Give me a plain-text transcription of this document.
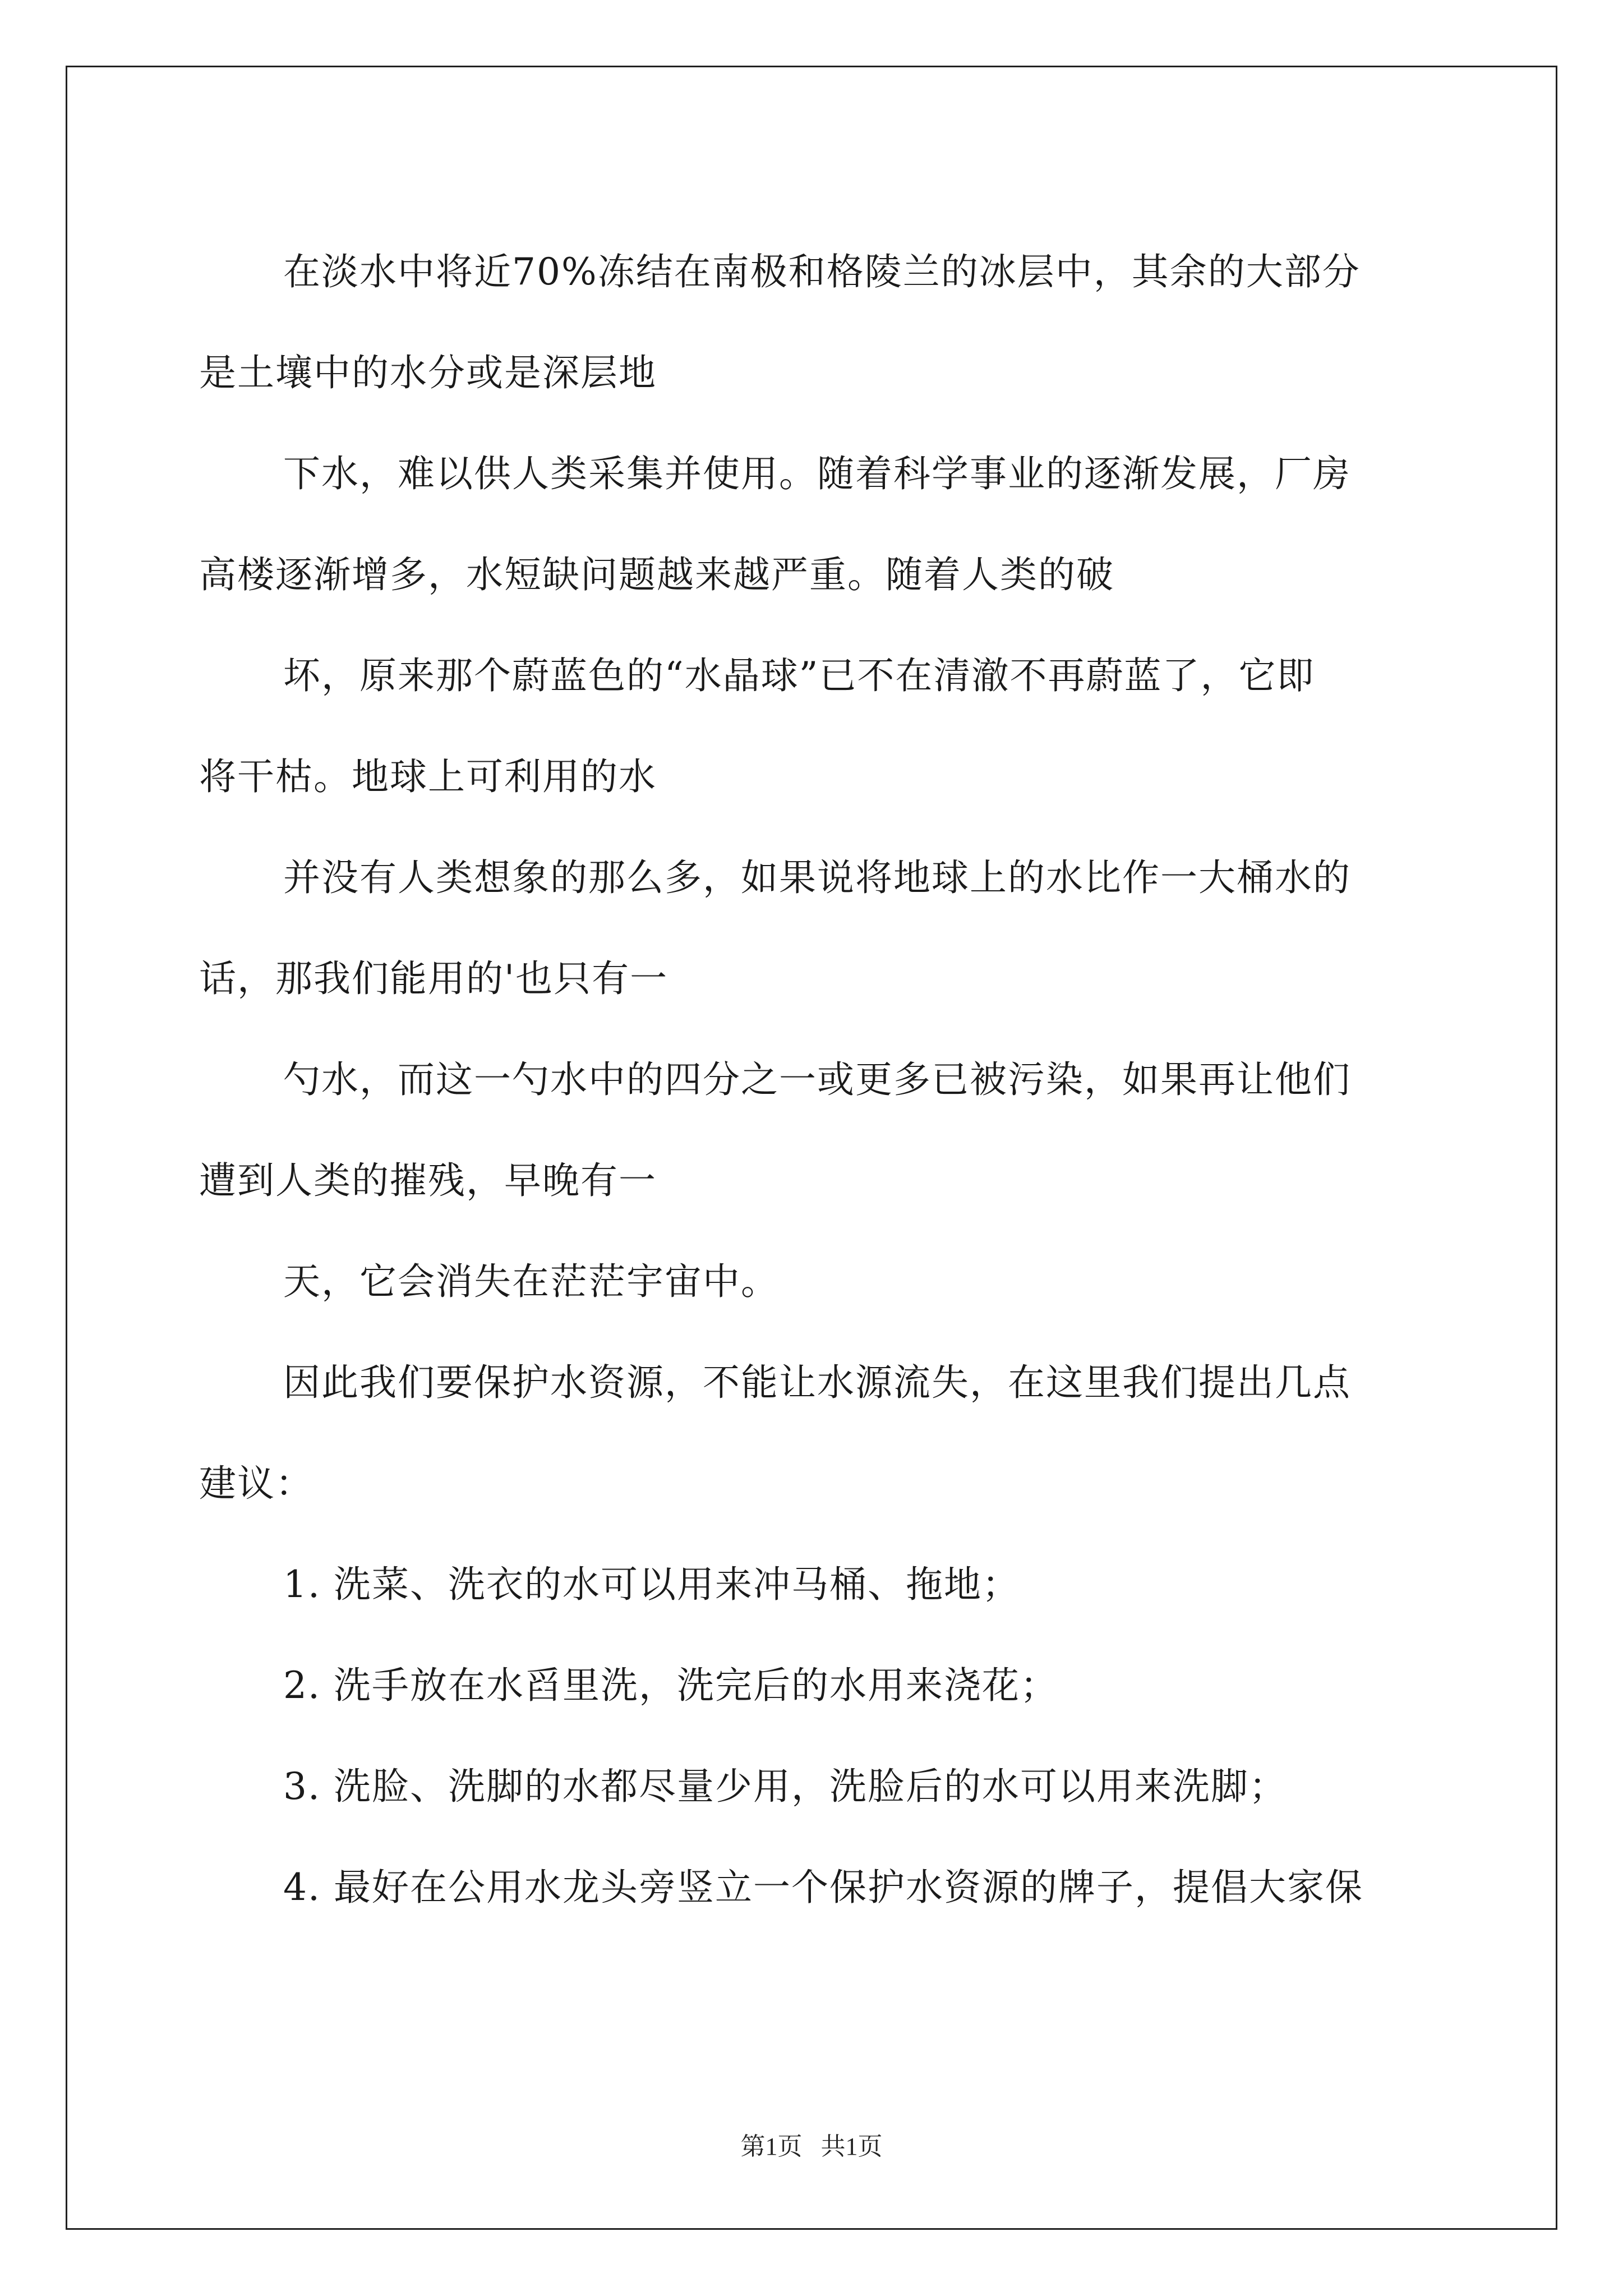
在淡水中将近70%冻结在南极和格陵兰的冰层中，其余的大部分
是土壤中的水分或是深层地

下水，难以供人类采集并使用。随着科学事业的逐渐发展，厂房
高楼逐渐增多，水短缺问题越来越严重。随着人类的破

坏，原来那个蔚蓝色的“水晶球”已不在清澈不再蔚蓝了，它即
将干枯。地球上可利用的水

并没有人类想象的那么多，如果说将地球上的水比作一大桶水的
话，那我们能用的'也只有一

勺水，而这一勺水中的四分之一或更多已被污染，如果再让他们
遭到人类的摧残，早晚有一

天，它会消失在茫茫宇宙中。

因此我们要保护水资源，不能让水源流失，在这里我们提出几点
建议：

1. 洗菜、洗衣的水可以用来冲马桶、拖地；
2. 洗手放在水舀里洗，洗完后的水用来浇花；
3. 洗脸、洗脚的水都尽量少用，洗脸后的水可以用来洗脚；
4. 最好在公用水龙头旁竖立一个保护水资源的牌子，提倡大家保
第1页   共1页
